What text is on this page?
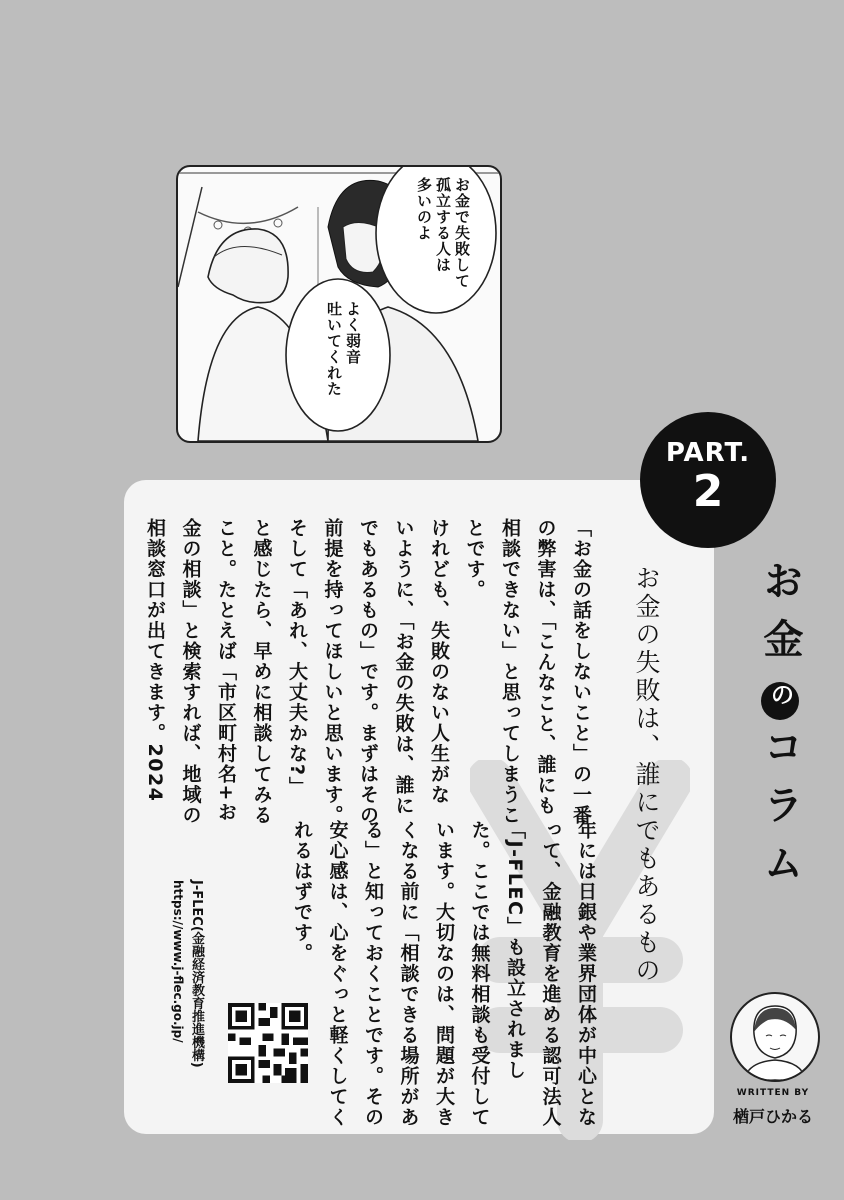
お金で失敗して
孤立する人は
多いのよ
よく弱音
吐いてくれた
年には日銀や業界団体が中心とな
って、金融教育を進める認可法人
「J-FLEC」も設立されまし
た。ここでは無料相談も受付して
います。大切なのは、問題が大き
くなる前に「相談できる場所があ
る」と知っておくことです。その
安心感は、心をぐっと軽くしてく
れるはずです。
「お金の話をしないこと」の一番
の弊害は、「こんなこと、誰にも
相談できない」と思ってしまうこ
とです。
けれども、失敗のない人生がな
いように、「お金の失敗は、誰に
でもあるもの」です。まずはその
前提を持ってほしいと思います。
そして「あれ、大丈夫かな?」
と感じたら、早めに相談してみる
こと。たとえば「市区町村名+お
金の相談」と検索すれば、地域の
相談窓口が出てきます。2024
J-FLEC(金融経済教育推進機構)
https://www.j-flec.go.jp/
PART.
2
お金のコラム
お金の失敗は、誰にでもあるもの
WRITTEN BY
楢戸ひかる
